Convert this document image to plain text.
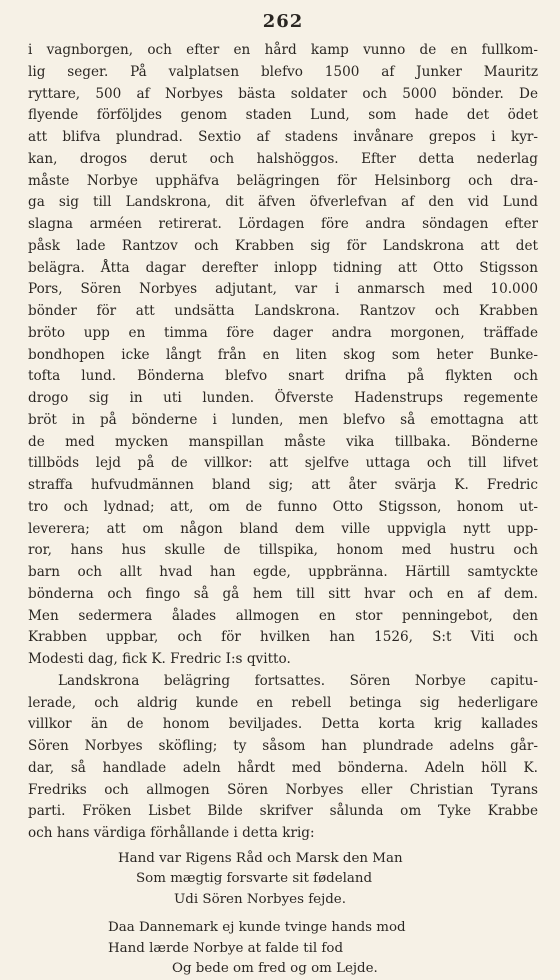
262
i vagnborgen, och efter en hård kamp vunno de en fullkom-
lig seger. På valplatsen blefvo 1500 af Junker Mauritz
ryttare, 500 af Norbyes bästa soldater och 5000 bönder. De
flyende förföljdes genom staden Lund, som hade det ödet
att blifva plundrad. Sextio af stadens invånare grepos i kyr-
kan, drogos derut och halshöggos. Efter detta nederlag
måste Norbye upphäfva belägringen för Helsinborg och dra-
ga sig till Landskrona, dit äfven öfverlefvan af den vid Lund
slagna arméen retirerat. Lördagen före andra söndagen efter
påsk lade Rantzov och Krabben sig för Landskrona att det
belägra. Åtta dagar derefter inlopp tidning att Otto Stigsson
Pors, Sören Norbyes adjutant, var i anmarsch med 10.000
bönder för att undsätta Landskrona. Rantzov och Krabben
bröto upp en timma före dager andra morgonen, träffade
bondhopen icke långt från en liten skog som heter Bunke-
tofta lund. Bönderna blefvo snart drifna på flykten och
drogo sig in uti lunden. Öfverste Hadenstrups regemente
bröt in på bönderne i lunden, men blefvo så emottagna att
de med mycken manspillan måste vika tillbaka. Bönderne
tillböds lejd på de villkor: att sjelfve uttaga och till lifvet
straffa hufvudmännen bland sig; att åter svärja K. Fredric
tro och lydnad; att, om de funno Otto Stigsson, honom ut-
leverera; att om någon bland dem ville uppvigla nytt upp-
ror, hans hus skulle de tillspika, honom med hustru och
barn och allt hvad han egde, uppbränna. Härtill samtyckte
bönderna och fingo så gå hem till sitt hvar och en af dem.
Men sedermera ålades allmogen en stor penningebot, den
Krabben uppbar, och för hvilken han 1526, S:t Viti och
Modesti dag, fick K. Fredric I:s qvitto.
Landskrona belägring fortsattes. Sören Norbye capitu-
lerade, och aldrig kunde en rebell betinga sig hederligare
villkor än de honom beviljades. Detta korta krig kallades
Sören Norbyes sköfling; ty såsom han plundrade adelns går-
dar, så handlade adeln hårdt med bönderna. Adeln höll K.
Fredriks och allmogen Sören Norbyes eller Christian Tyrans
parti. Fröken Lisbet Bilde skrifver sålunda om Tyke Krabbe
och hans värdiga förhållande i detta krig:
Hand var Rigens Råd och Marsk den Man
Som mægtig forsvarte sit fødeland
Udi Sören Norbyes fejde.
Daa Dannemark ej kunde tvinge hands mod
Hand lærde Norbye at falde til fod
Og bede om fred og om Lejde.
